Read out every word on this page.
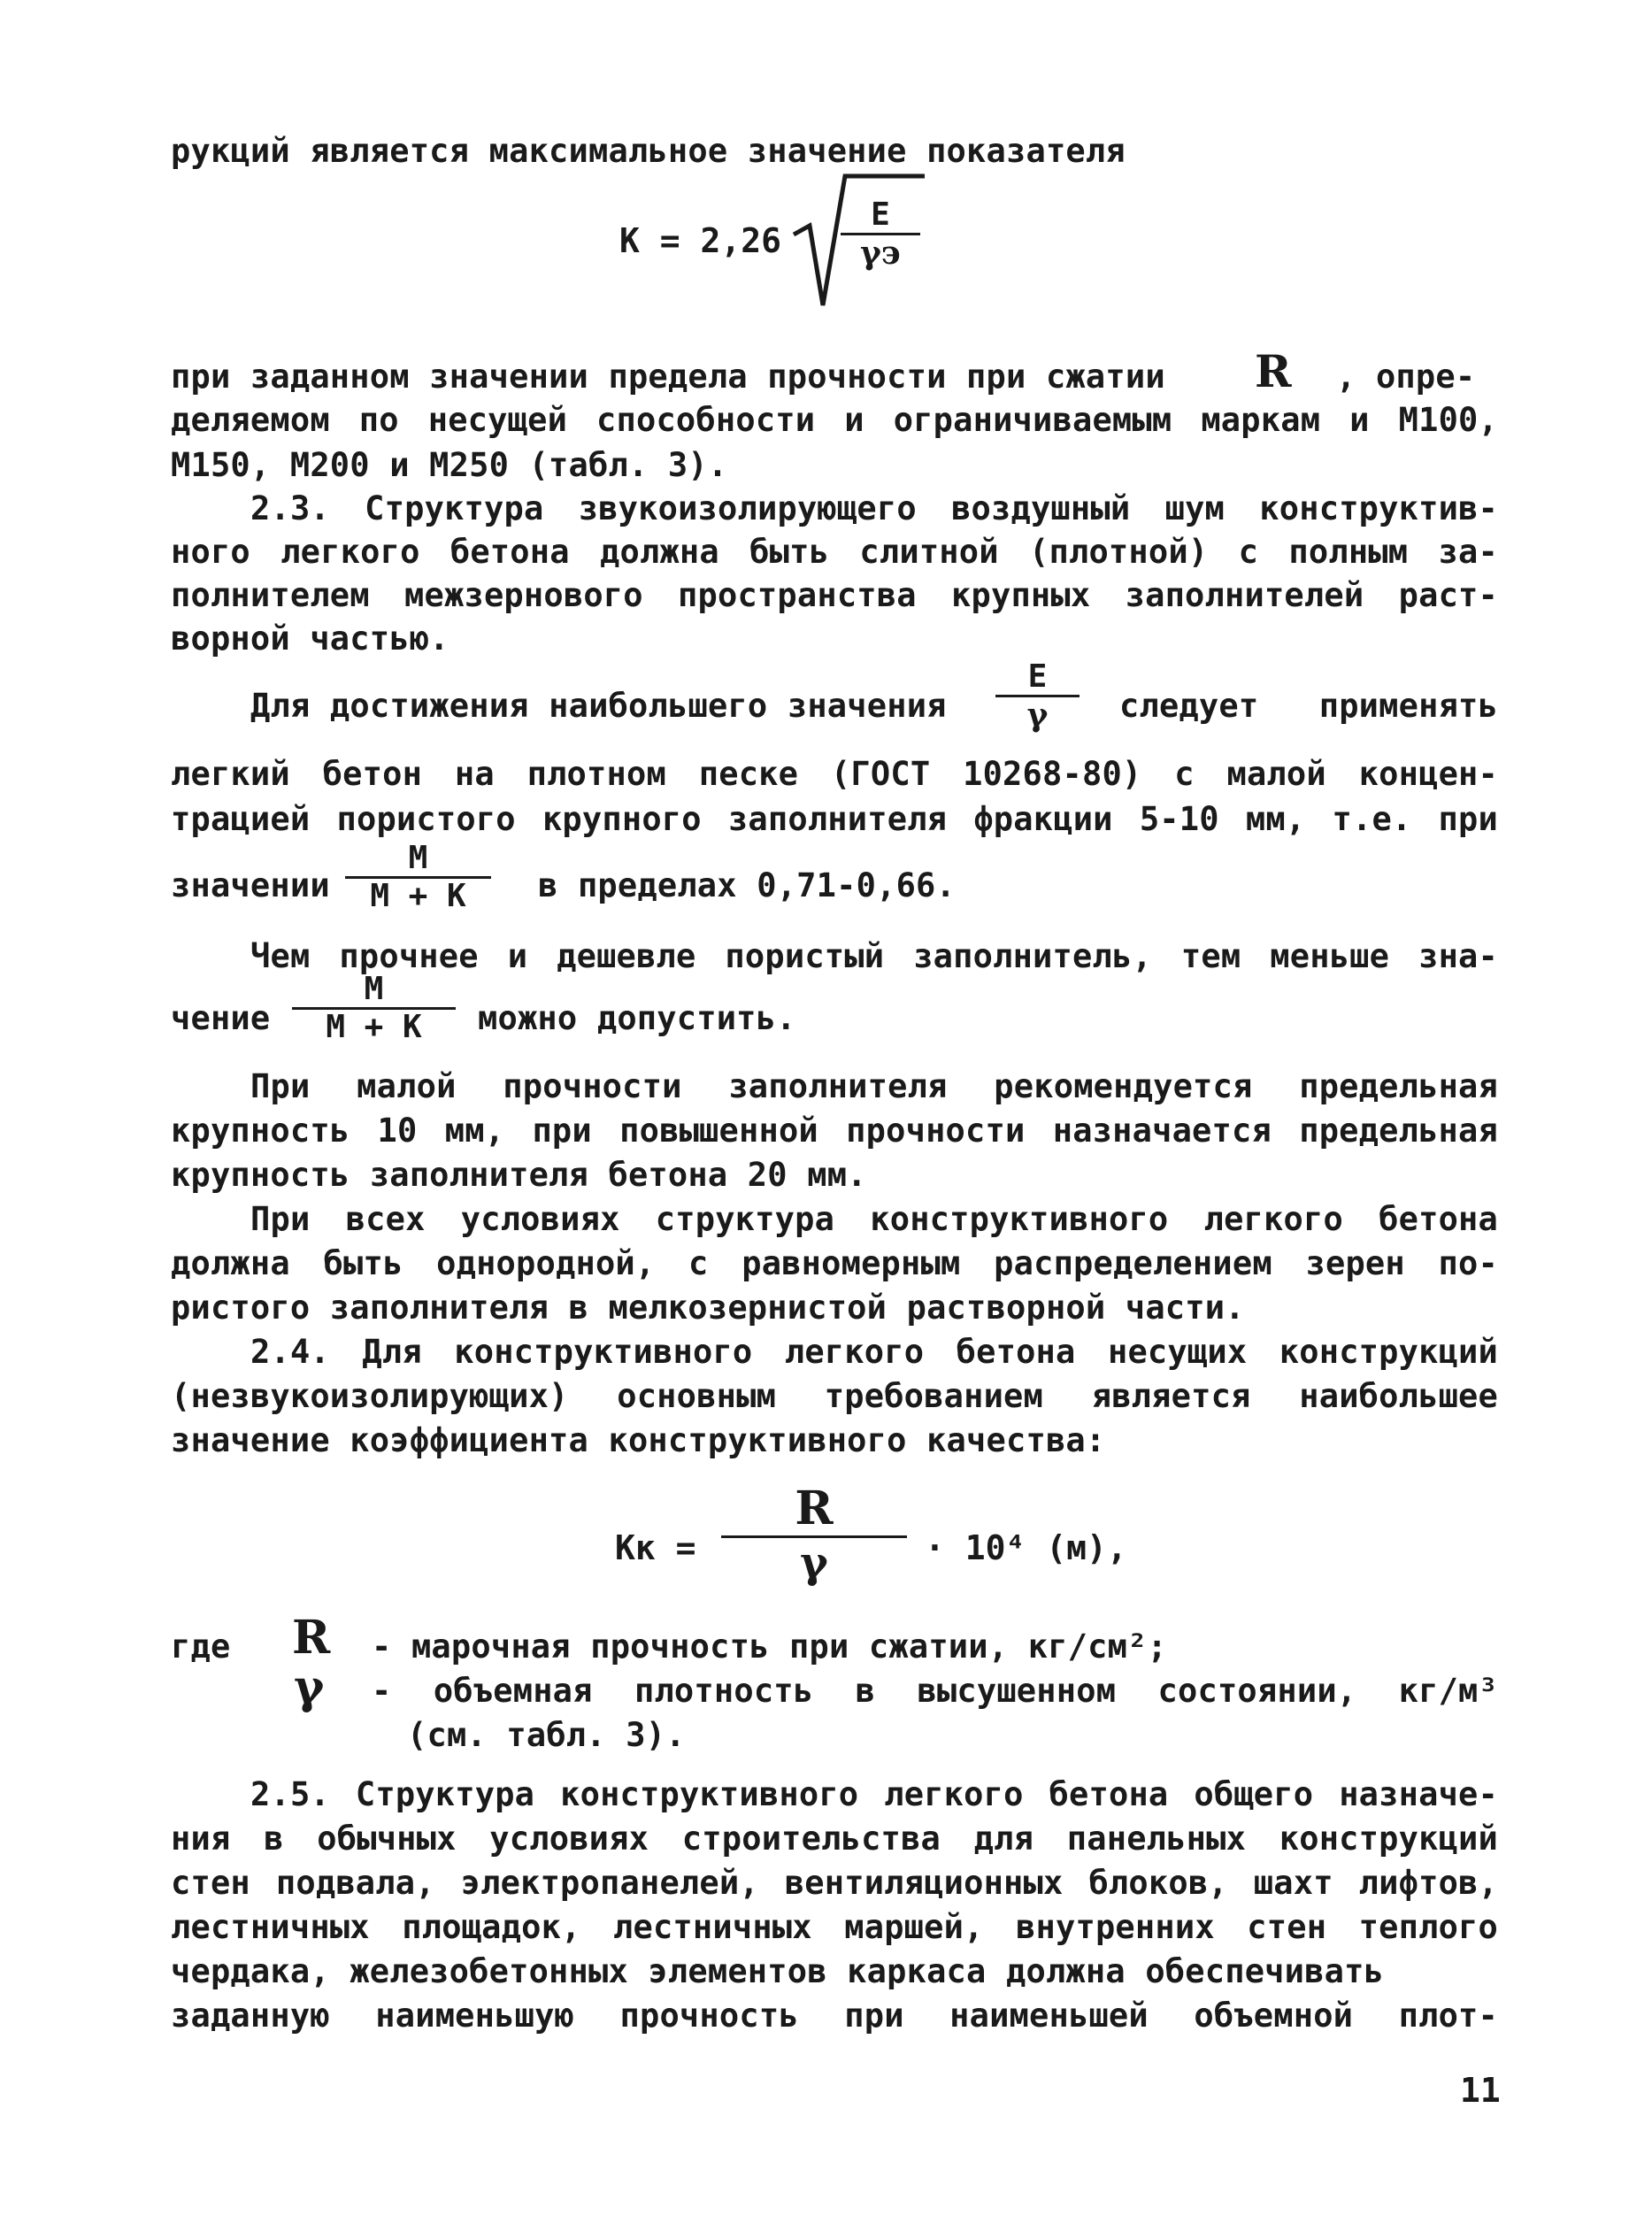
рукций является максимальное значение показателя
К = 2,26
E
γэ
при заданном значении предела прочности при сжатии R , опре-
деляемом по несущей способности и ограничиваемым маркам и М100,
М150, М200 и М250 (табл. 3).
2.3. Структура звукоизолирующего воздушный шум конструктив-
ного легкого бетона должна быть слитной (плотной) с полным за-
полнителем межзернового пространства крупных заполнителей раст-
ворной частью.
Для достижения наибольшего значения
E
γ	следует применять
легкий бетон на плотном песке (ГОСТ 10268-80) с малой концен-
трацией пористого крупного заполнителя фракции 5-10 мм, т.е. при
значении
M
M + K	в пределах 0,71-0,66.
Чем прочнее и дешевле пористый заполнитель, тем меньше зна-
чение
M
M + K	можно допустить.
При малой прочности заполнителя рекомендуется предельная
крупность 10 мм, при повышенной прочности назначается предельная
крупность заполнителя бетона 20 мм.
При всех условиях структура конструктивного легкого бетона
должна быть однородной, с равномерным распределением зерен по-
ристого заполнителя в мелкозернистой растворной части.
2.4. Для конструктивного легкого бетона несущих конструкций
(незвукоизолирующих) основным требованием является наибольшее
значение коэффициента конструктивного качества:
Kк =
R
γ	· 10⁴ (м),
где R - марочная прочность при сжатии, кг/см²;
γ - объемная плотность в высушенном состоянии, кг/м³
(см. табл. 3).
2.5. Структура конструктивного легкого бетона общего назначе-
ния в обычных условиях строительства для панельных конструкций
стен подвала, электропанелей, вентиляционных блоков, шахт лифтов,
лестничных площадок, лестничных маршей, внутренних стен теплого
чердака, железобетонных элементов каркаса должна обеспечивать
заданную наименьшую прочность при наименьшей объемной плот-
11
